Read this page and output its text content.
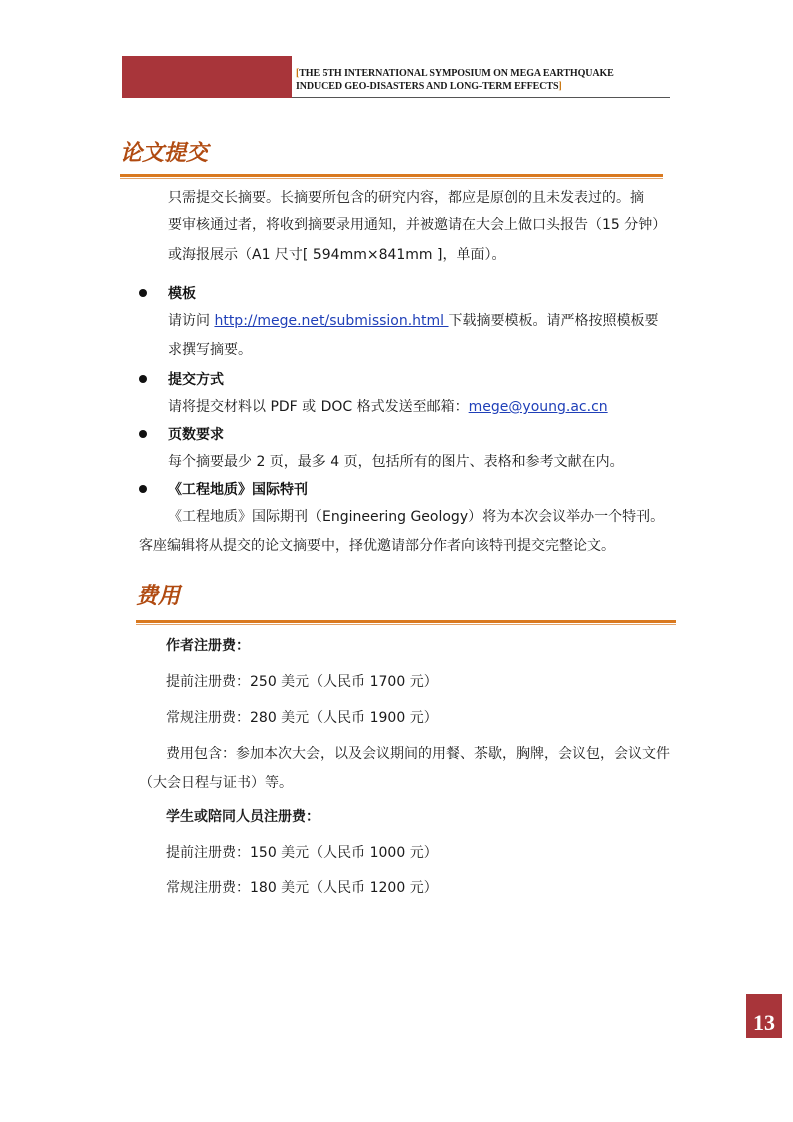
[THE 5TH INTERNATIONAL SYMPOSIUM ON MEGA EARTHQUAKE
INDUCED GEO-DISASTERS AND LONG-TERM EFFECTS]
论文提交
只需提交长摘要。长摘要所包含的研究内容，都应是原创的且未发表过的。摘
要审核通过者，将收到摘要录用通知，并被邀请在大会上做口头报告（15 分钟）
或海报展示（A1 尺寸[ 594mm×841mm ]，单面）。
模板
请访问 http://mege.net/submission.html 下载摘要模板。请严格按照模板要
求撰写摘要。
提交方式
请将提交材料以 PDF 或 DOC 格式发送至邮箱：mege@young.ac.cn
页数要求
每个摘要最少 2 页，最多 4 页，包括所有的图片、表格和参考文献在内。
《工程地质》国际特刊
《工程地质》国际期刊（Engineering Geology）将为本次会议举办一个特刊。
客座编辑将从提交的论文摘要中，择优邀请部分作者向该特刊提交完整论文。
费用
作者注册费：
提前注册费：250 美元（人民币 1700 元）
常规注册费：280 美元（人民币 1900 元）
费用包含：参加本次大会，以及会议期间的用餐、茶歇，胸牌，会议包，会议文件
（大会日程与证书）等。
学生或陪同人员注册费：
提前注册费：150 美元（人民币 1000 元）
常规注册费：180 美元（人民币 1200 元）
13
